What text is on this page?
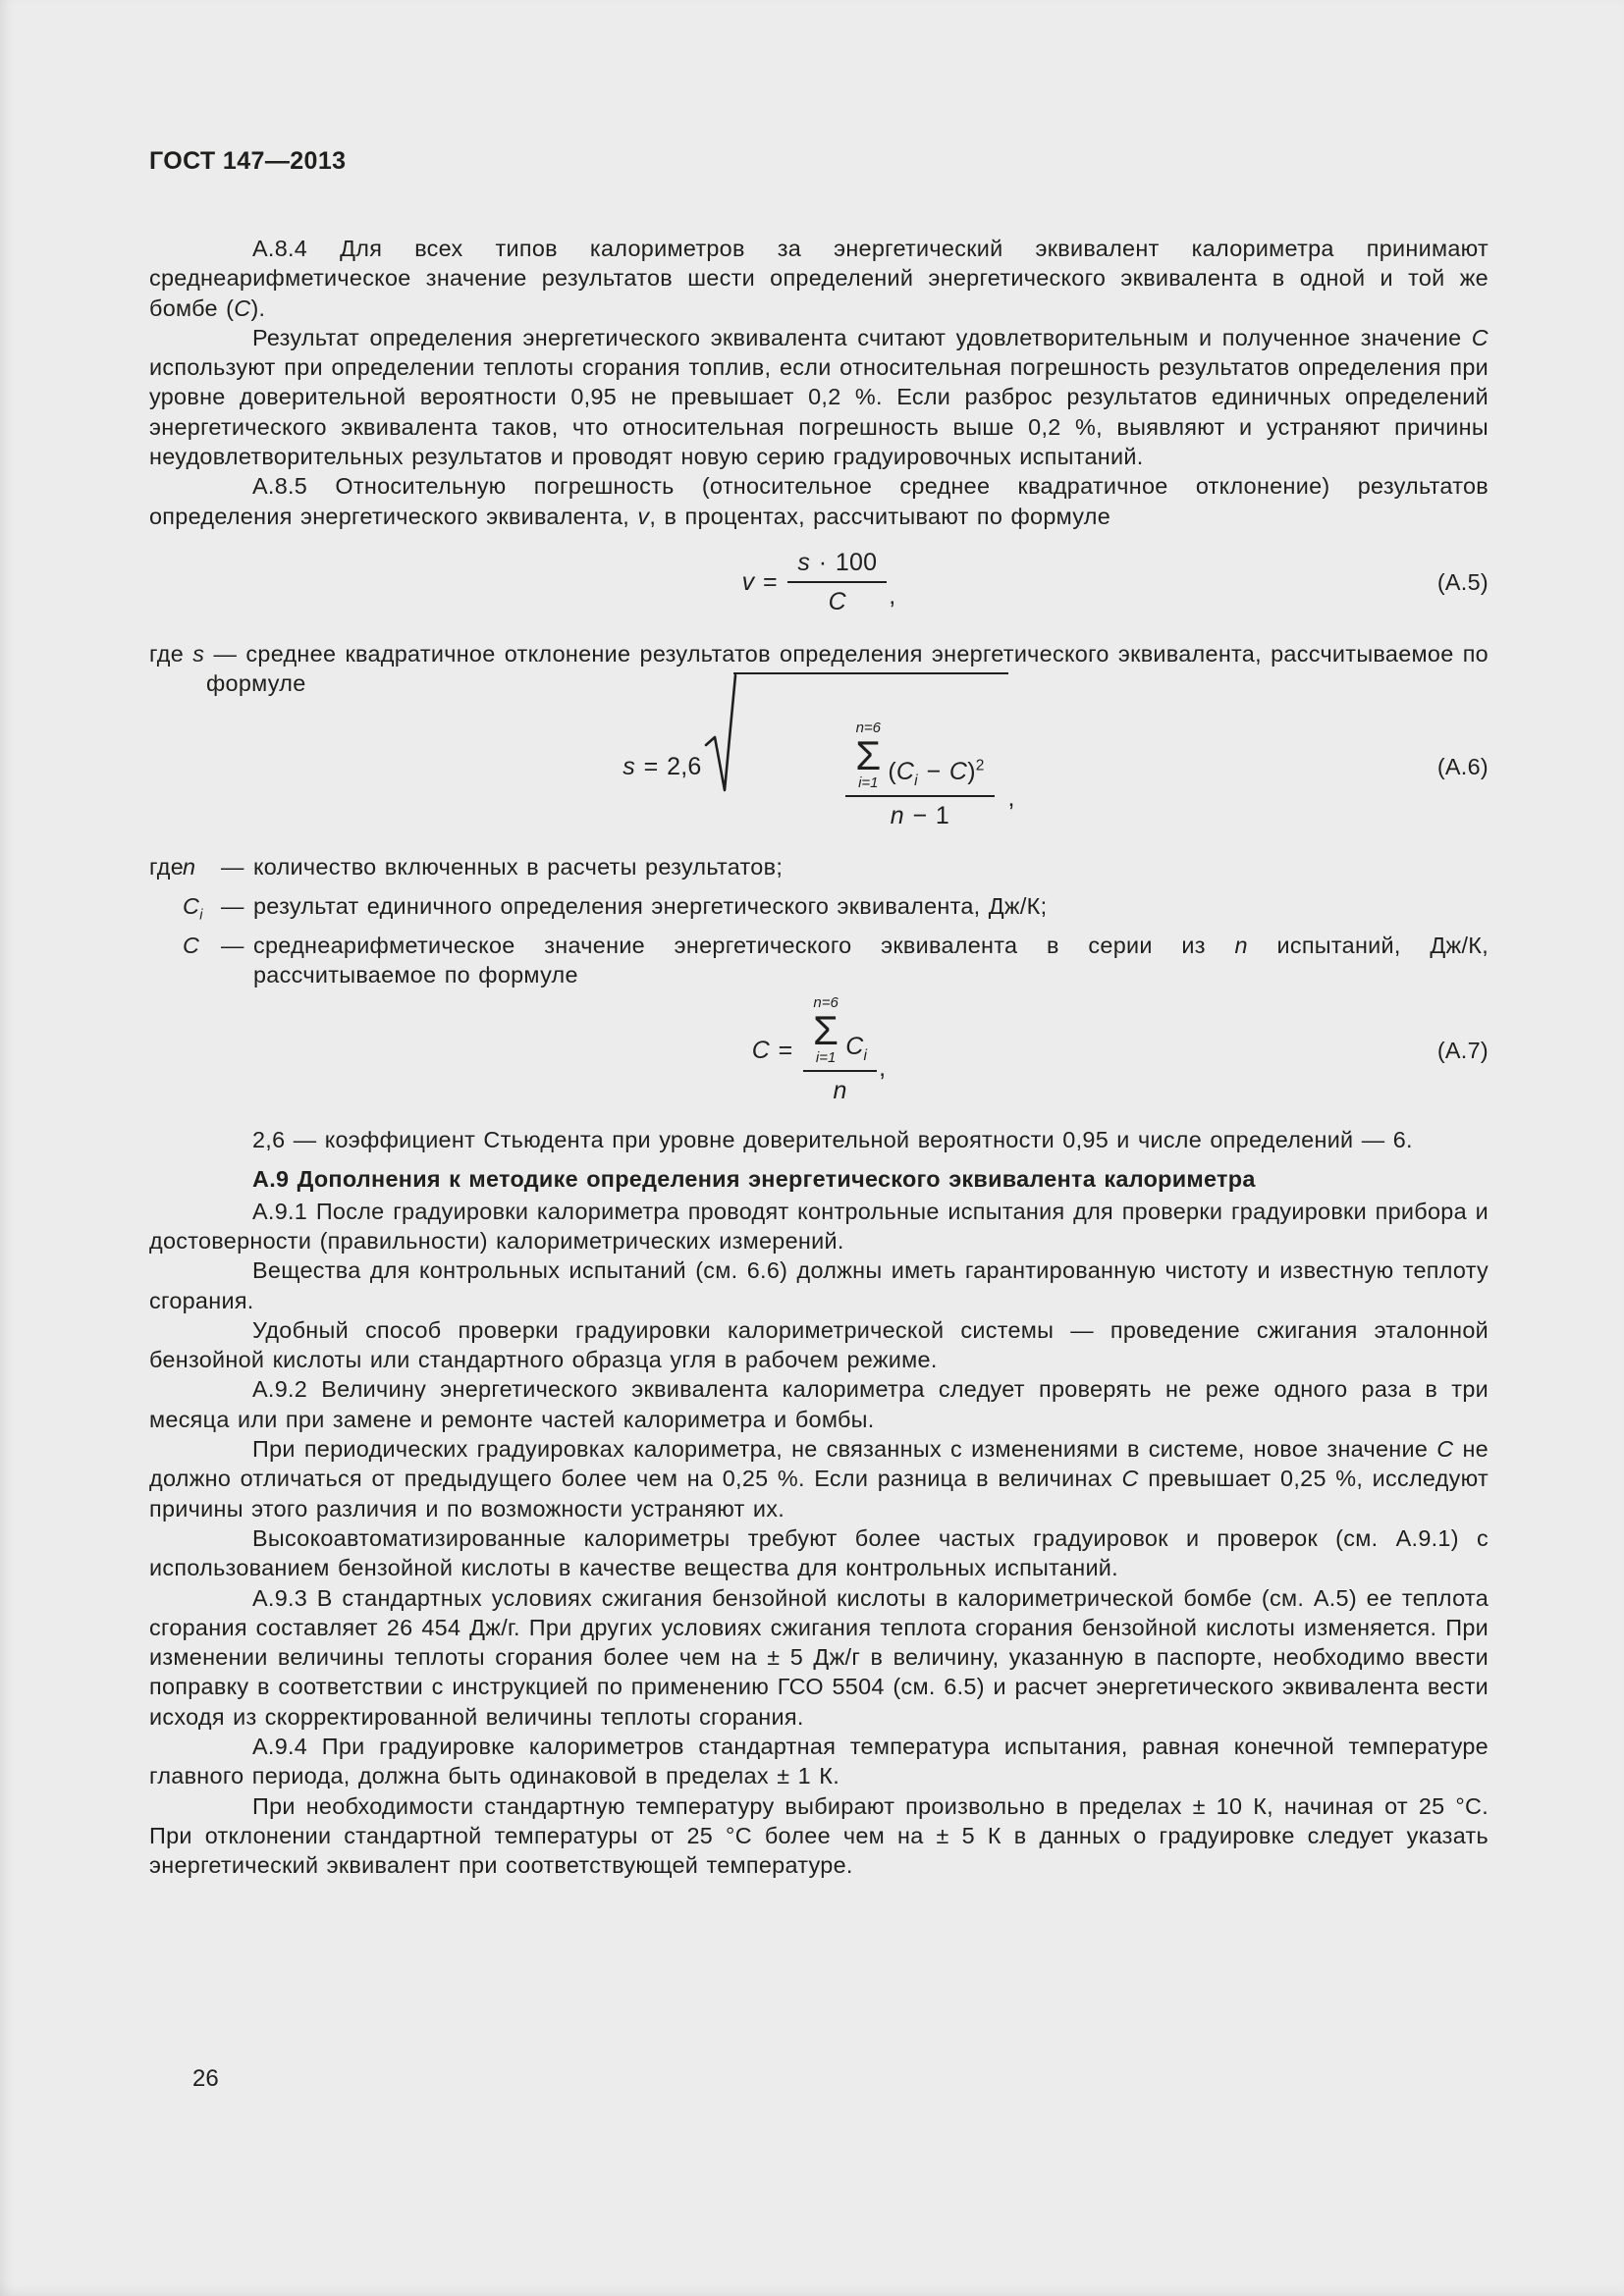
ГОСТ 147—2013

А.8.4 Для всех типов калориметров за энергетический эквивалент калориметра принимают среднеарифметическое значение результатов шести определений энергетического эквивалента в одной и той же бомбе (С).

Результат определения энергетического эквивалента считают удовлетворительным и полученное значение С используют при определении теплоты сгорания топлив, если относительная погрешность результатов определения при уровне доверительной вероятности 0,95 не превышает 0,2 %. Если разброс результатов единичных определений энергетического эквивалента таков, что относительная погрешность выше 0,2 %, выявляют и устраняют причины неудовлетворительных результатов и проводят новую серию градуировочных испытаний.

А.8.5 Относительную погрешность (относительное среднее квадратичное отклонение) результатов определения энергетического эквивалента, v, в процентах, рассчитывают по формуле

$v = \frac{s \cdot 100}{C}$ ,
(А.5)

где s — среднее квадратичное отклонение результатов определения энергетического эквивалента, рассчитываемое по формуле

s = 2,6

n=6
Σ
i=1 $(C_i - C)^2$
n − 1

,
(А.6)
где
n	— количество включенных в расчеты результатов;
$С_i$ — результат единичного определения энергетического эквивалента, Дж/К;
С — среднеарифметическое значение энергетического эквивалента в серии из n испытаний, Дж/К, рассчитываемое по формуле
C =
n=6
Σ
i=1 $C_i$
n
,
(А.7)

2,6 — коэффициент Стьюдента при уровне доверительной вероятности 0,95 и числе определений — 6.

А.9 Дополнения к методике определения энергетического эквивалента калориметра

А.9.1 После градуировки калориметра проводят контрольные испытания для проверки градуировки прибора и достоверности (правильности) калориметрических измерений.

Вещества для контрольных испытаний (см. 6.6) должны иметь гарантированную чистоту и известную теплоту сгорания.

Удобный способ проверки градуировки калориметрической системы — проведение сжигания эталонной бензойной кислоты или стандартного образца угля в рабочем режиме.

А.9.2 Величину энергетического эквивалента калориметра следует проверять не реже одного раза в три месяца или при замене и ремонте частей калориметра и бомбы.

При периодических градуировках калориметра, не связанных с изменениями в системе, новое значение С не должно отличаться от предыдущего более чем на 0,25 %. Если разница в величинах С превышает 0,25 %, исследуют причины этого различия и по возможности устраняют их.

Высокоавтоматизированные калориметры требуют более частых градуировок и проверок (см. А.9.1) с использованием бензойной кислоты в качестве вещества для контрольных испытаний.

А.9.3 В стандартных условиях сжигания бензойной кислоты в калориметрической бомбе (см. А.5) ее теплота сгорания составляет 26 454 Дж/г. При других условиях сжигания теплота сгорания бензойной кислоты изменяется. При изменении величины теплоты сгорания более чем на ± 5 Дж/г в величину, указанную в паспорте, необходимо ввести поправку в соответствии с инструкцией по применению ГСО 5504 (см. 6.5) и расчет энергетического эквивалента вести исходя из скорректированной величины теплоты сгорания.

А.9.4 При градуировке калориметров стандартная температура испытания, равная конечной температуре главного периода, должна быть одинаковой в пределах ± 1 К.

При необходимости стандартную температуру выбирают произвольно в пределах ± 10 К, начиная от 25 °С. При отклонении стандартной температуры от 25 °С более чем на ± 5 К в данных о градуировке следует указать энергетический эквивалент при соответствующей температуре.

26
